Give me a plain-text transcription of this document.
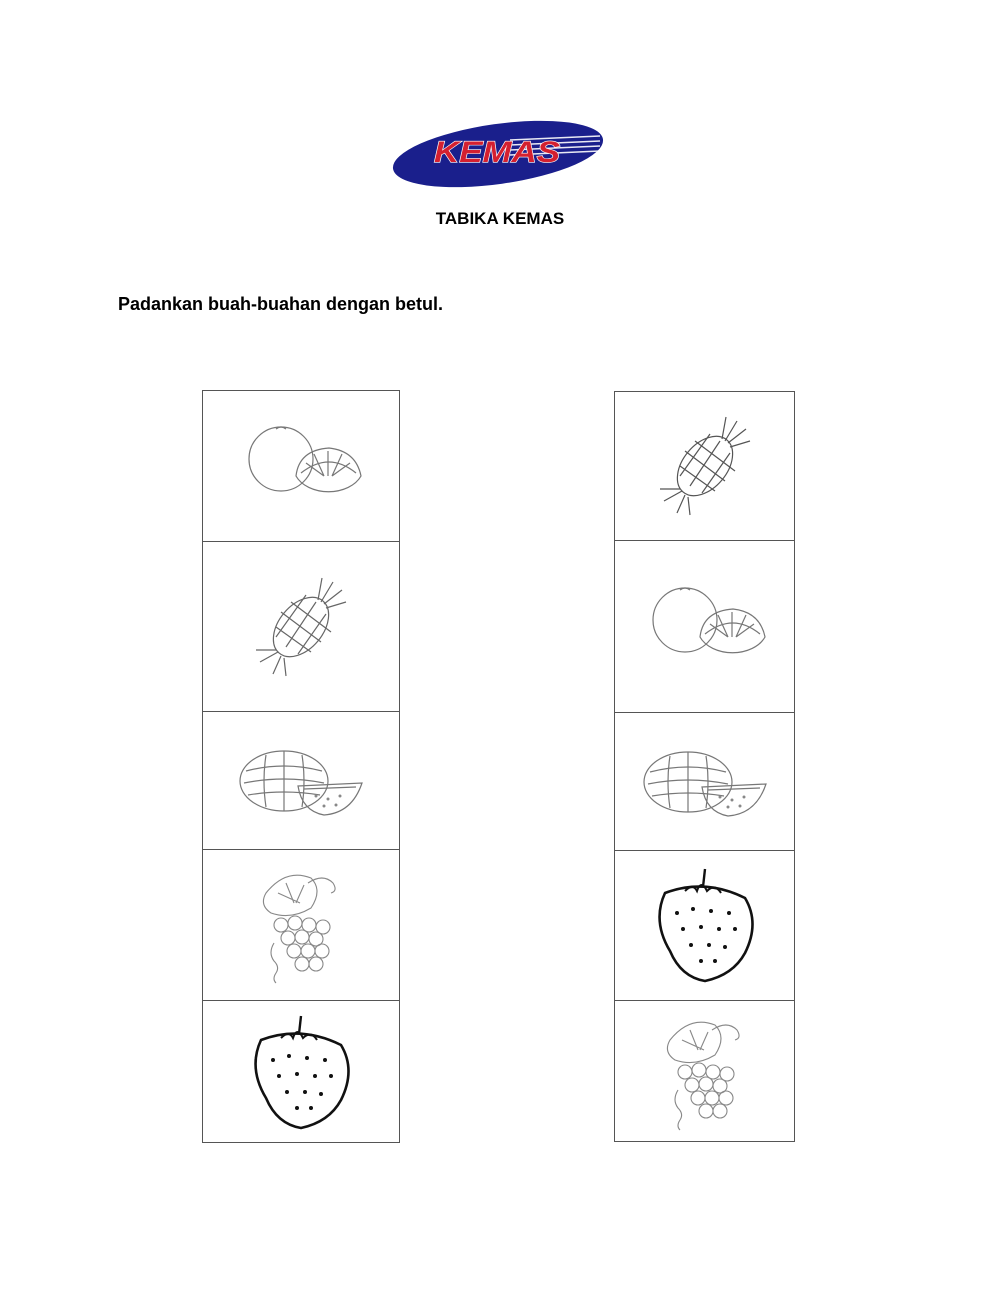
KEMAS
TABIKA KEMAS
Padankan buah-buahan dengan betul.
